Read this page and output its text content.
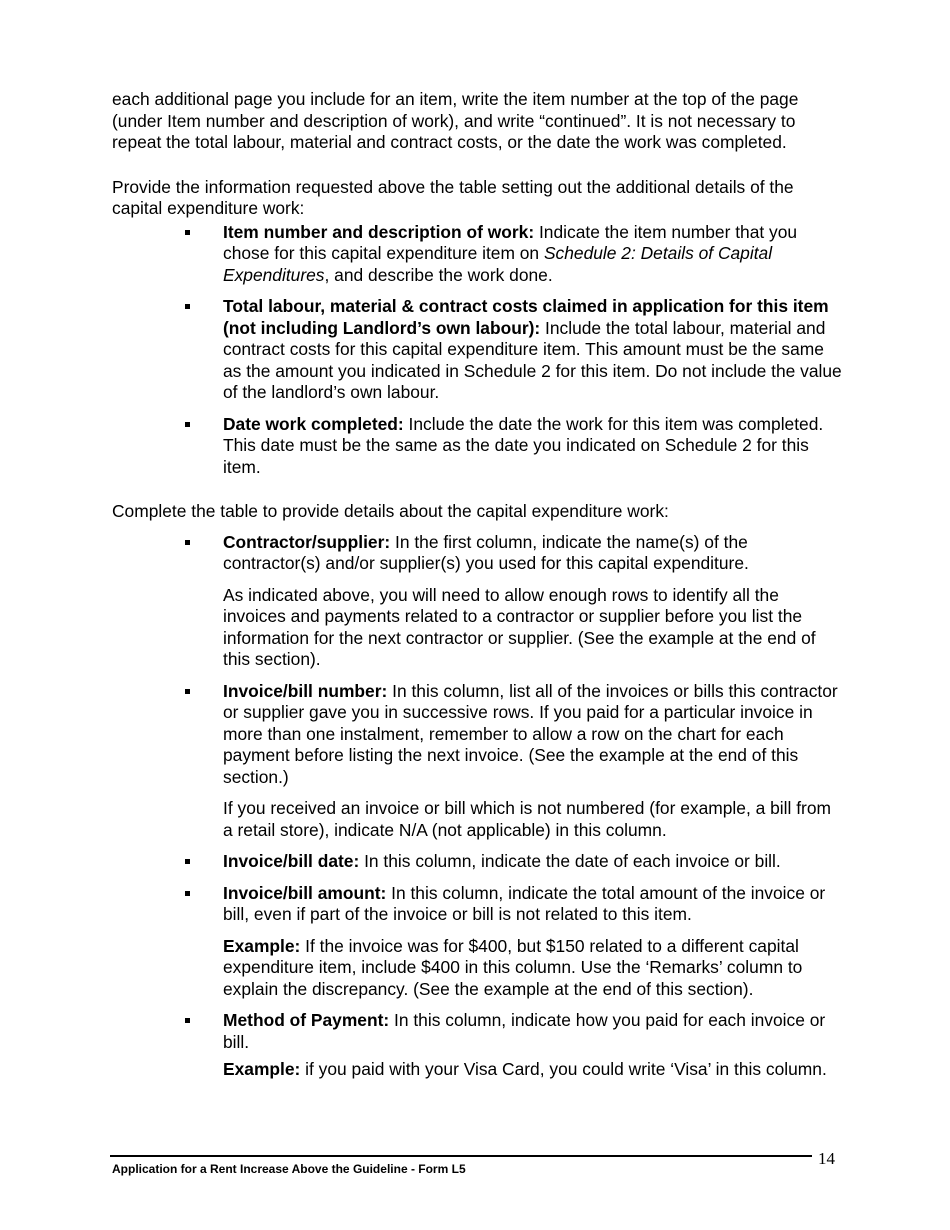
each additional page you include for an item, write the item number at the top of the page (under Item number and description of work), and write “continued”. It is not necessary to repeat the total labour, material and contract costs, or the date the work was completed.

Provide the information requested above the table setting out the additional details of the capital expenditure work:

Item number and description of work: Indicate the item number that you chose for this capital expenditure item on Schedule 2: Details of Capital Expenditures, and describe the work done.
Total labour, material & contract costs claimed in application for this item (not including Landlord’s own labour): Include the total labour, material and contract costs for this capital expenditure item. This amount must be the same as the amount you indicated in Schedule 2 for this item. Do not include the value of the landlord’s own labour.
Date work completed: Include the date the work for this item was completed. This date must be the same as the date you indicated on Schedule 2 for this item.

Complete the table to provide details about the capital expenditure work:

Contractor/supplier: In the first column, indicate the name(s) of the contractor(s) and/or supplier(s) you used for this capital expenditure.

As indicated above, you will need to allow enough rows to identify all the invoices and payments related to a contractor or supplier before you list the information for the next contractor or supplier. (See the example at the end of this section).

Invoice/bill number: In this column, list all of the invoices or bills this contractor or supplier gave you in successive rows. If you paid for a particular invoice in more than one instalment, remember to allow a row on the chart for each payment before listing the next invoice. (See the example at the end of this section.)

If you received an invoice or bill which is not numbered (for example, a bill from a retail store), indicate N/A (not applicable) in this column.

Invoice/bill date: In this column, indicate the date of each invoice or bill.
Invoice/bill amount: In this column, indicate the total amount of the invoice or bill, even if part of the invoice or bill is not related to this item.

Example: If the invoice was for $400, but $150 related to a different capital expenditure item, include $400 in this column. Use the ‘Remarks’ column to explain the discrepancy. (See the example at the end of this section).

Method of Payment: In this column, indicate how you paid for each invoice or bill.

Example: if you paid with your Visa Card, you could write ‘Visa’ in this column.

14
Application for a Rent Increase Above the Guideline - Form L5
